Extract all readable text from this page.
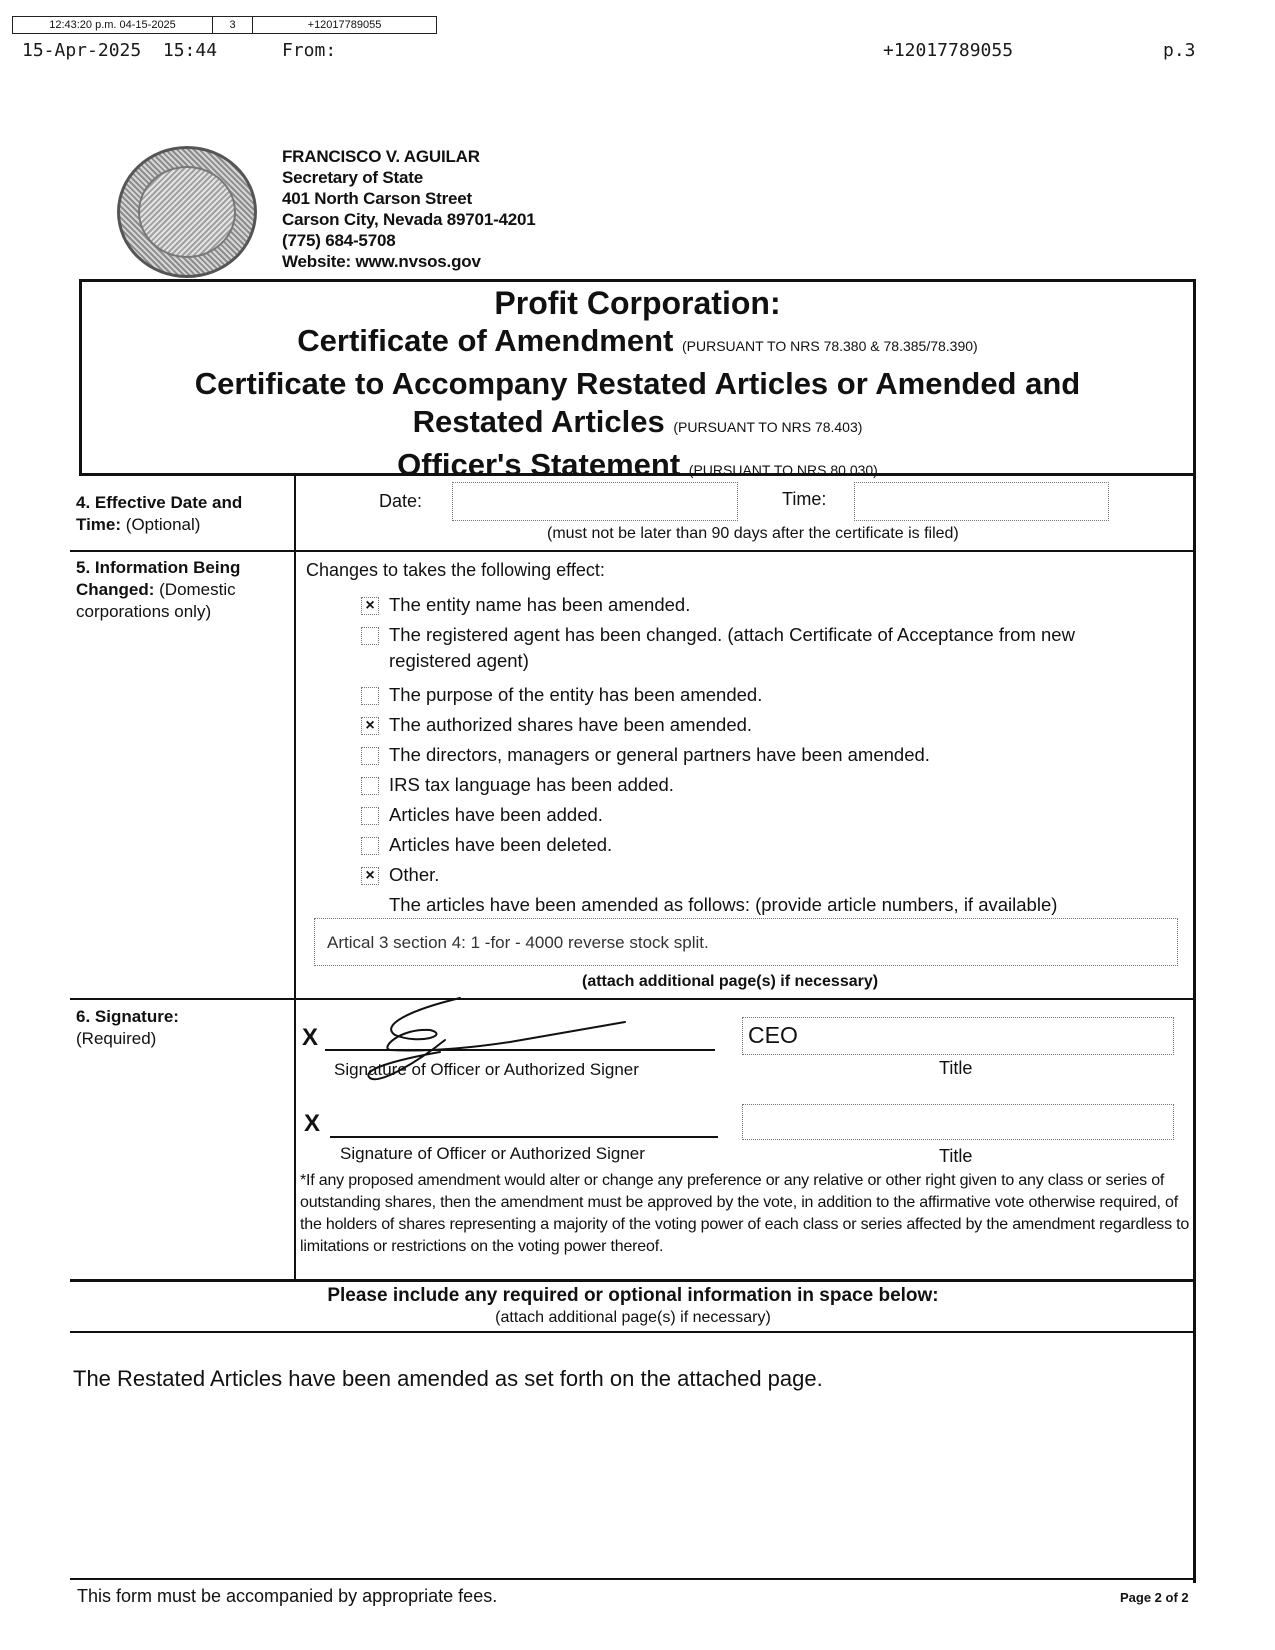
12:43:20 p.m. 04-15-2025	3	+12017789055
15-Apr-2025  15:44	From:	+12017789055	p.3
FRANCISCO V. AGUILAR
Secretary of State
401 North Carson Street
Carson City, Nevada 89701-4201
(775) 684-5708
Website: www.nvsos.gov
Profit Corporation:
Certificate of Amendment (PURSUANT TO NRS 78.380 & 78.385/78.390)
Certificate to Accompany Restated Articles or Amended and
Restated Articles (PURSUANT TO NRS 78.403)
Officer's Statement (PURSUANT TO NRS 80.030)
4. Effective Date and Time: (Optional)
Date:	Time:
(must not be later than 90 days after the certificate is filed)
5. Information Being Changed: (Domestic corporations only)
Changes to takes the following effect:
× The entity name has been amended.
The registered agent has been changed. (attach Certificate of Acceptance from new
registered agent)
The purpose of the entity has been amended.
× The authorized shares have been amended.
The directors, managers or general partners have been amended.
IRS tax language has been added.
Articles have been added.
Articles have been deleted.
× Other.
The articles have been amended as follows: (provide article numbers, if available)
Artical 3 section 4: 1 -for - 4000 reverse stock split.
(attach additional page(s) if necessary)
6. Signature:
(Required)	X
Signature of Officer or Authorized Signer
CEO
Title
X
Signature of Officer or Authorized Signer	Title
*If any proposed amendment would alter or change any preference or any relative or other right given to any class or series of outstanding shares, then the amendment must be approved by the vote, in addition to the affirmative vote otherwise required, of the holders of shares representing a majority of the voting power of each class or series affected by the amendment regardless to limitations or restrictions on the voting power thereof.
Please include any required or optional information in space below:
(attach additional page(s) if necessary)
The Restated Articles have been amended as set forth on the attached page.
This form must be accompanied by appropriate fees.	Page 2 of 2
